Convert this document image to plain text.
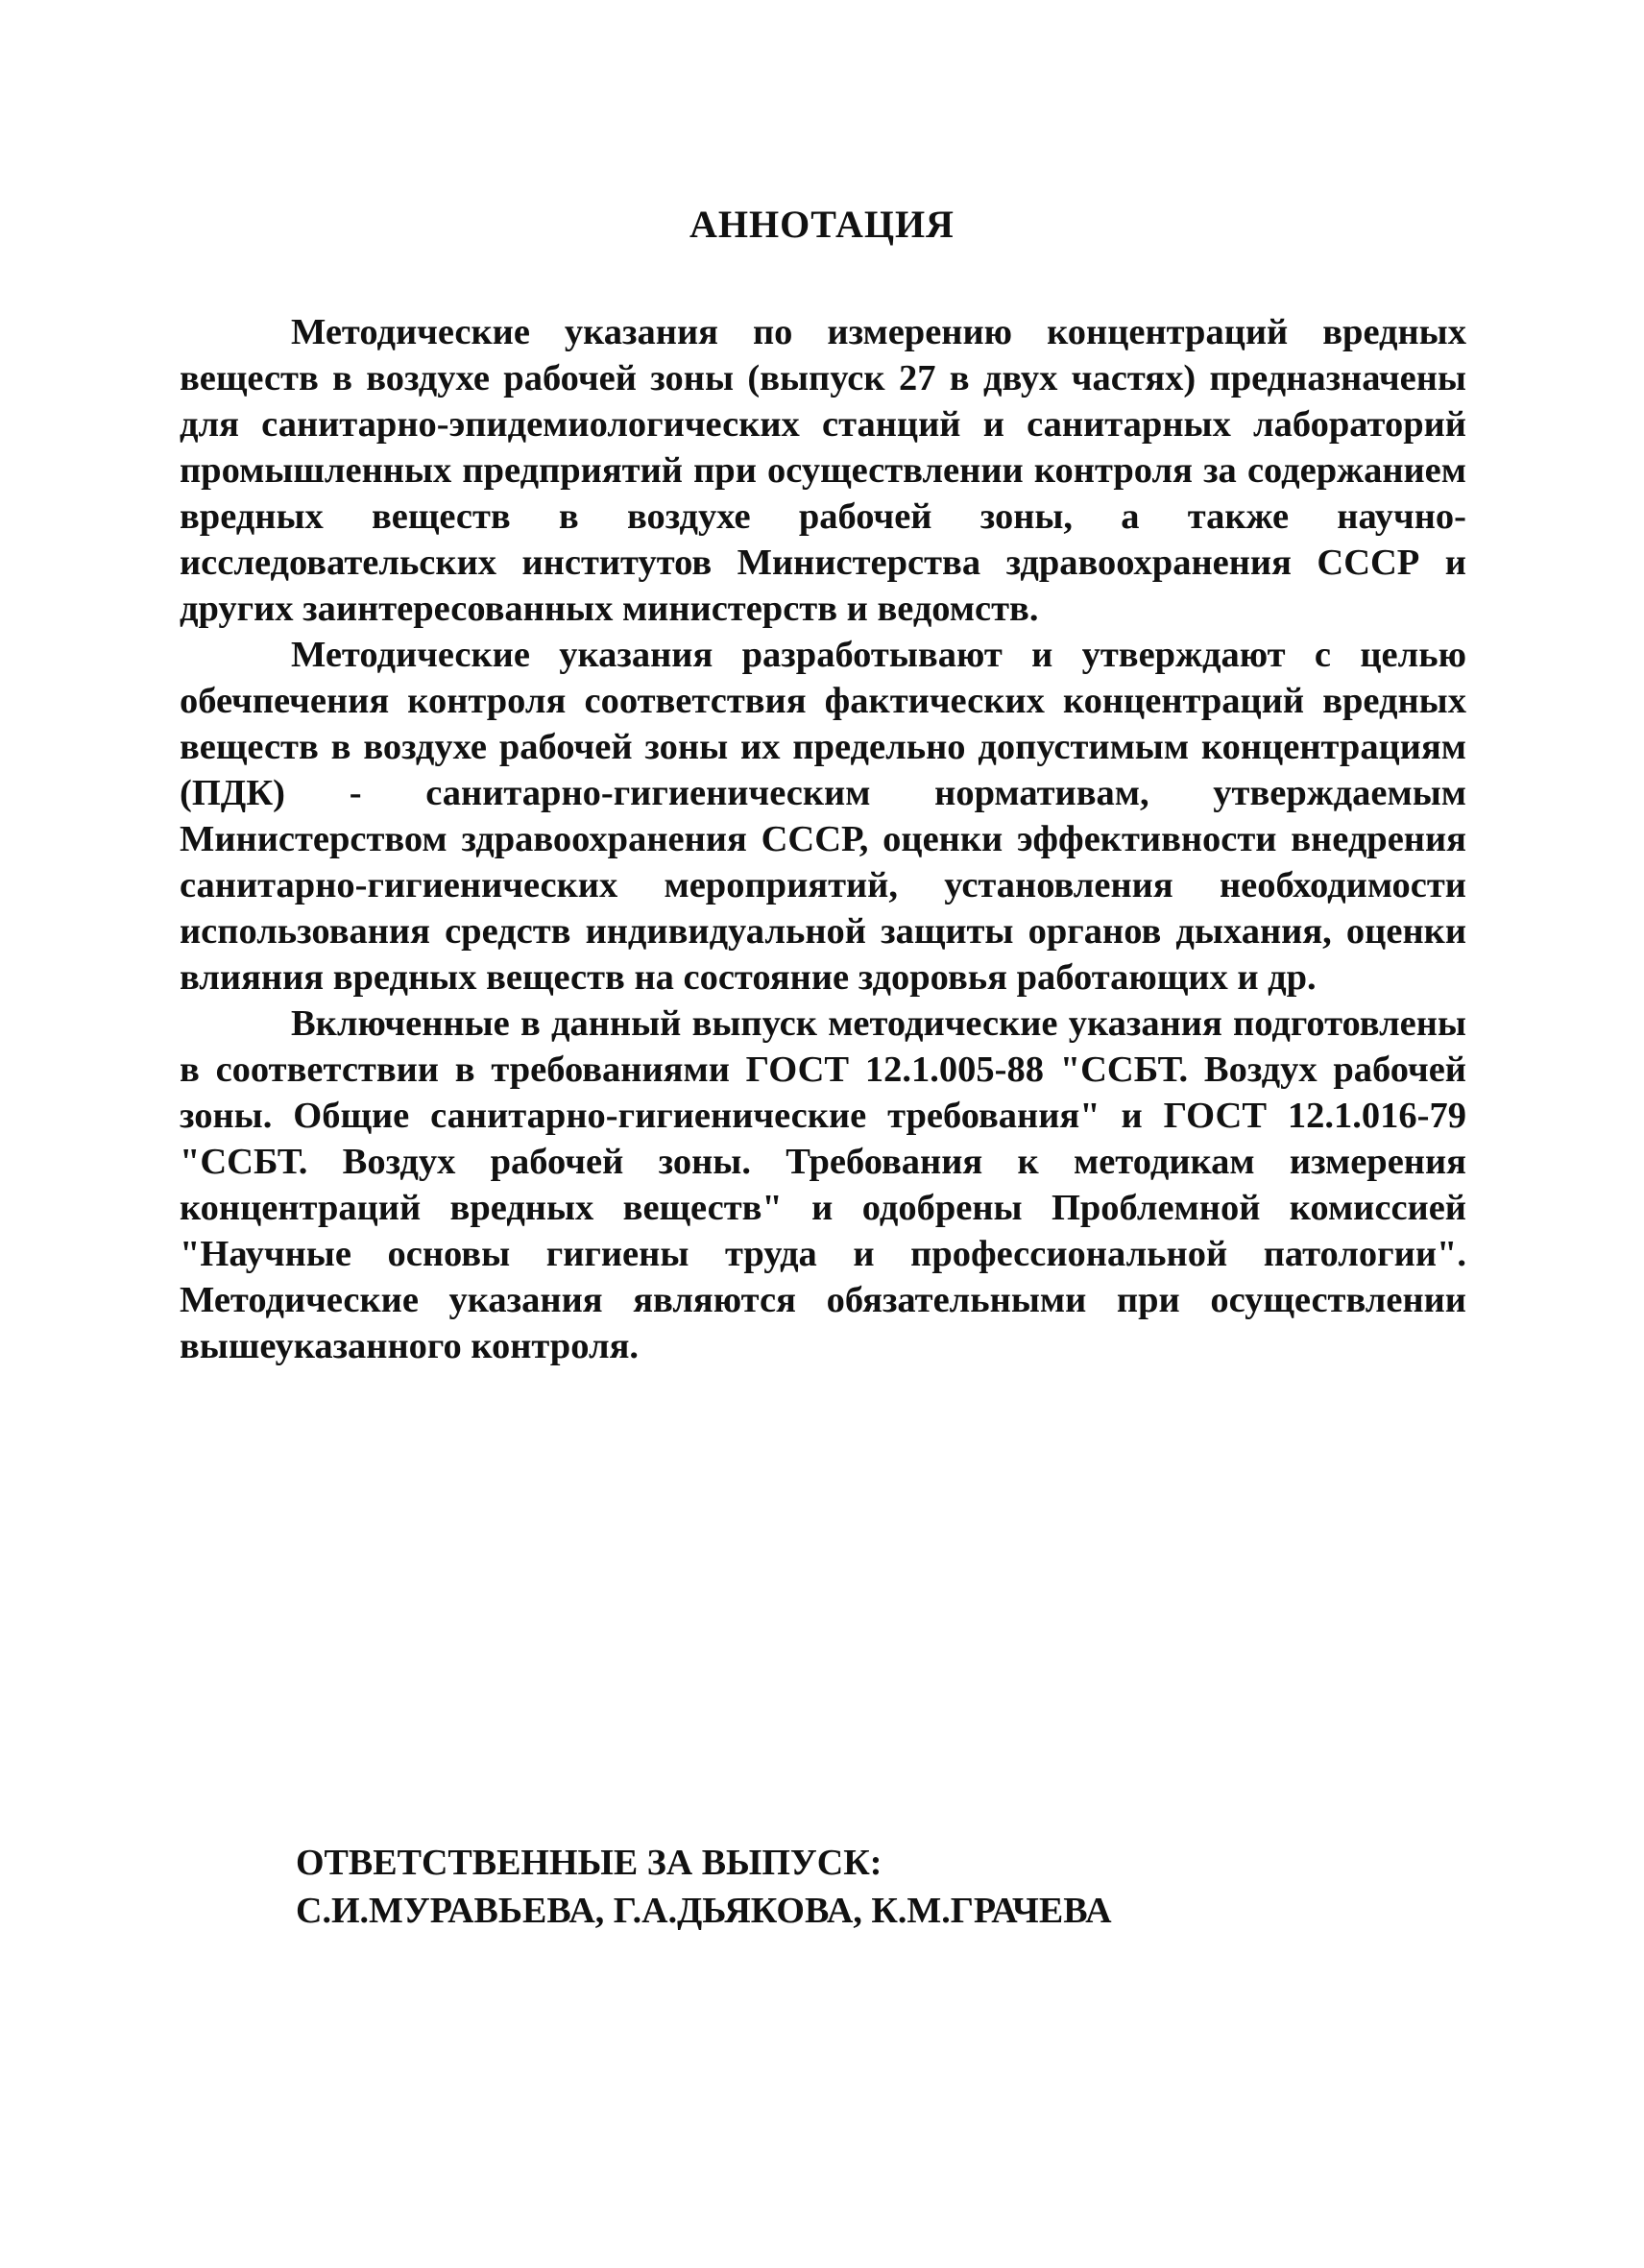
АННОТАЦИЯ

Методические указания по измерению концентраций вредных веществ в воздухе рабочей зоны (выпуск 27 в двух частях) предназначены для санитарно-эпидемиологических станций и санитарных лабораторий промышленных предприятий при осуществлении контроля за содержанием вредных веществ в воздухе рабочей зоны, а также научно-исследовательских институтов Министерства здравоохранения СССР и других заинтересованных министерств и ведомств.

Методические указания разработывают и утверждают с целью обечпечения контроля соответствия фактических концентраций вредных веществ в воздухе рабочей зоны их предельно допустимым концентрациям (ПДК) - санитарно-гигиеническим нормативам, утверждаемым Министерством здравоохранения СССР, оценки эффективности внедрения санитарно-гигиенических мероприятий, установления необходимости использования средств индивидуальной защиты органов дыхания, оценки влияния вредных веществ на состояние здоровья работающих и др.

Включенные в данный выпуск методические указания подготовлены в соответствии в требованиями ГОСТ 12.1.005-88 "ССБТ. Воздух рабочей зоны. Общие санитарно-гигиенические требования" и ГОСТ 12.1.016-79 "ССБТ. Воздух рабочей зоны. Требования к методикам измерения концентраций вредных веществ" и одобрены Проблемной комиссией "Научные основы гигиены труда и профессиональной патологии". Методические указания являются обязательными при осуществлении вышеуказанного контроля.

ОТВЕТСТВЕННЫЕ ЗА ВЫПУСК:
С.И.МУРАВЬЕВА, Г.А.ДЬЯКОВА, К.М.ГРАЧЕВА
